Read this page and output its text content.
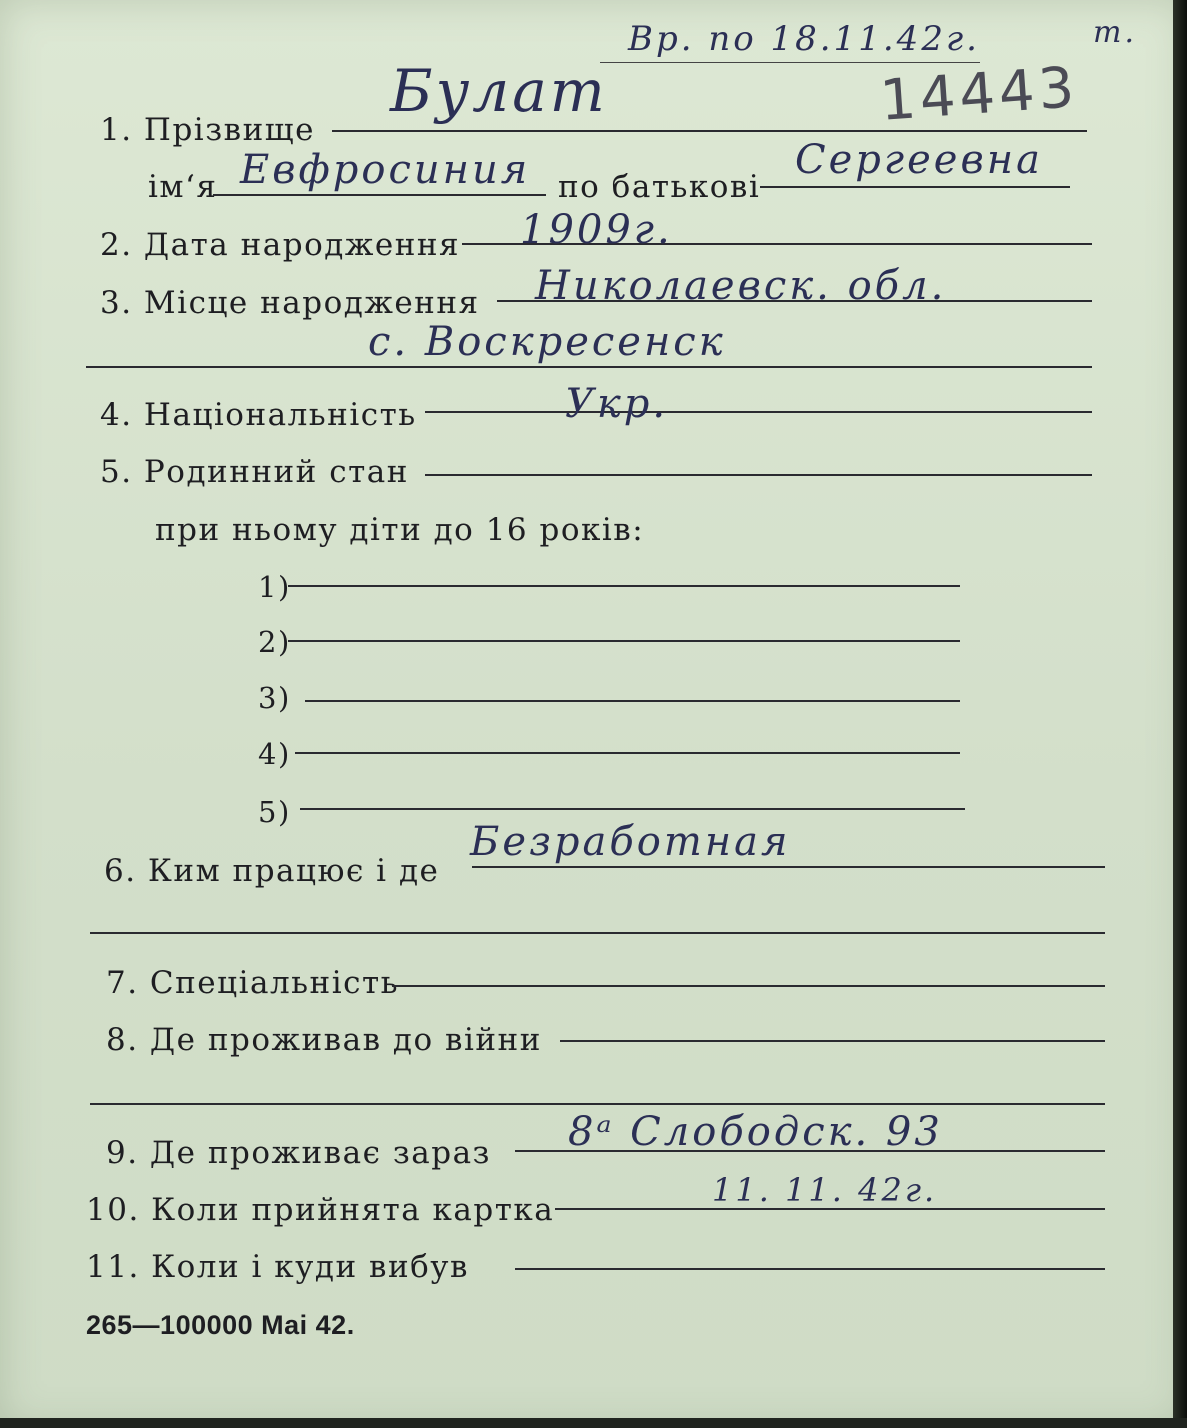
Вр. по 18.11.42г.	т.
14443
1. Прізвище
Булат
ім‘я Евфросиния по батькові
Сергеевна
2. Дата народження 1909г.
3. Місце народження Николаевск. обл.
с. Воскресенск
4. Національність	Укр.
5. Родинний стан
при ньому діти до 16 років:
1)
2)
3)
4)
5)
6. Ким працює і де
Безработная
7. Спеціальність
8. Де проживав до війни
9. Де проживає зараз 8ᵃ Слободск. 93
10. Коли прийнята картка
11. 11. 42г.
11. Коли і куди вибув
265—100000 Mai 42.
